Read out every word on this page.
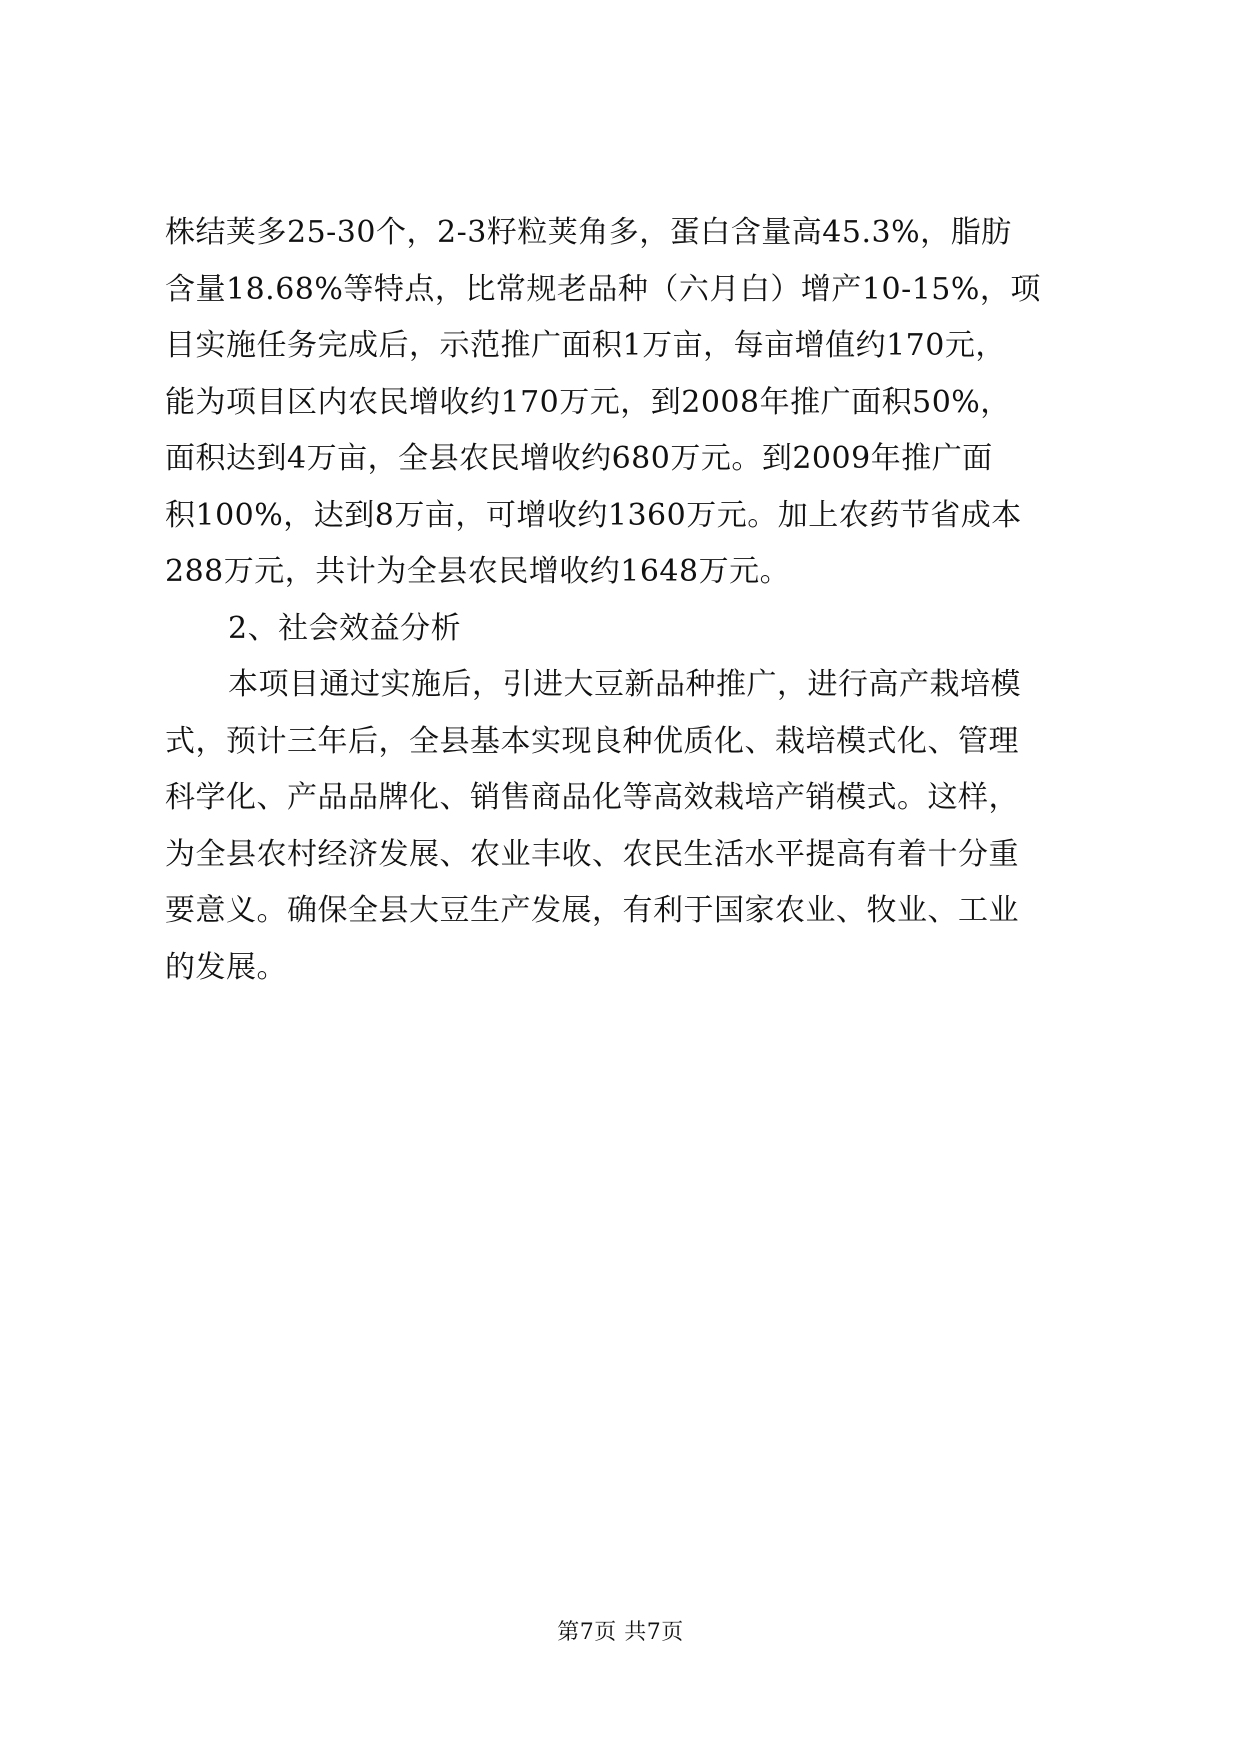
株结荚多25-30个，2-3籽粒荚角多，蛋白含量高45.3%，脂肪
含量18.68%等特点，比常规老品种（六月白）增产10-15%，项
目实施任务完成后，示范推广面积1万亩，每亩增值约170元，
能为项目区内农民增收约170万元，到2008年推广面积50%，
面积达到4万亩，全县农民增收约680万元。到2009年推广面
积100%，达到8万亩，可增收约1360万元。加上农药节省成本
288万元，共计为全县农民增收约1648万元。
2、社会效益分析
本项目通过实施后，引进大豆新品种推广，进行高产栽培模
式，预计三年后，全县基本实现良种优质化、栽培模式化、管理
科学化、产品品牌化、销售商品化等高效栽培产销模式。这样，
为全县农村经济发展、农业丰收、农民生活水平提高有着十分重
要意义。确保全县大豆生产发展，有利于国家农业、牧业、工业
的发展。
第7页 共7页
